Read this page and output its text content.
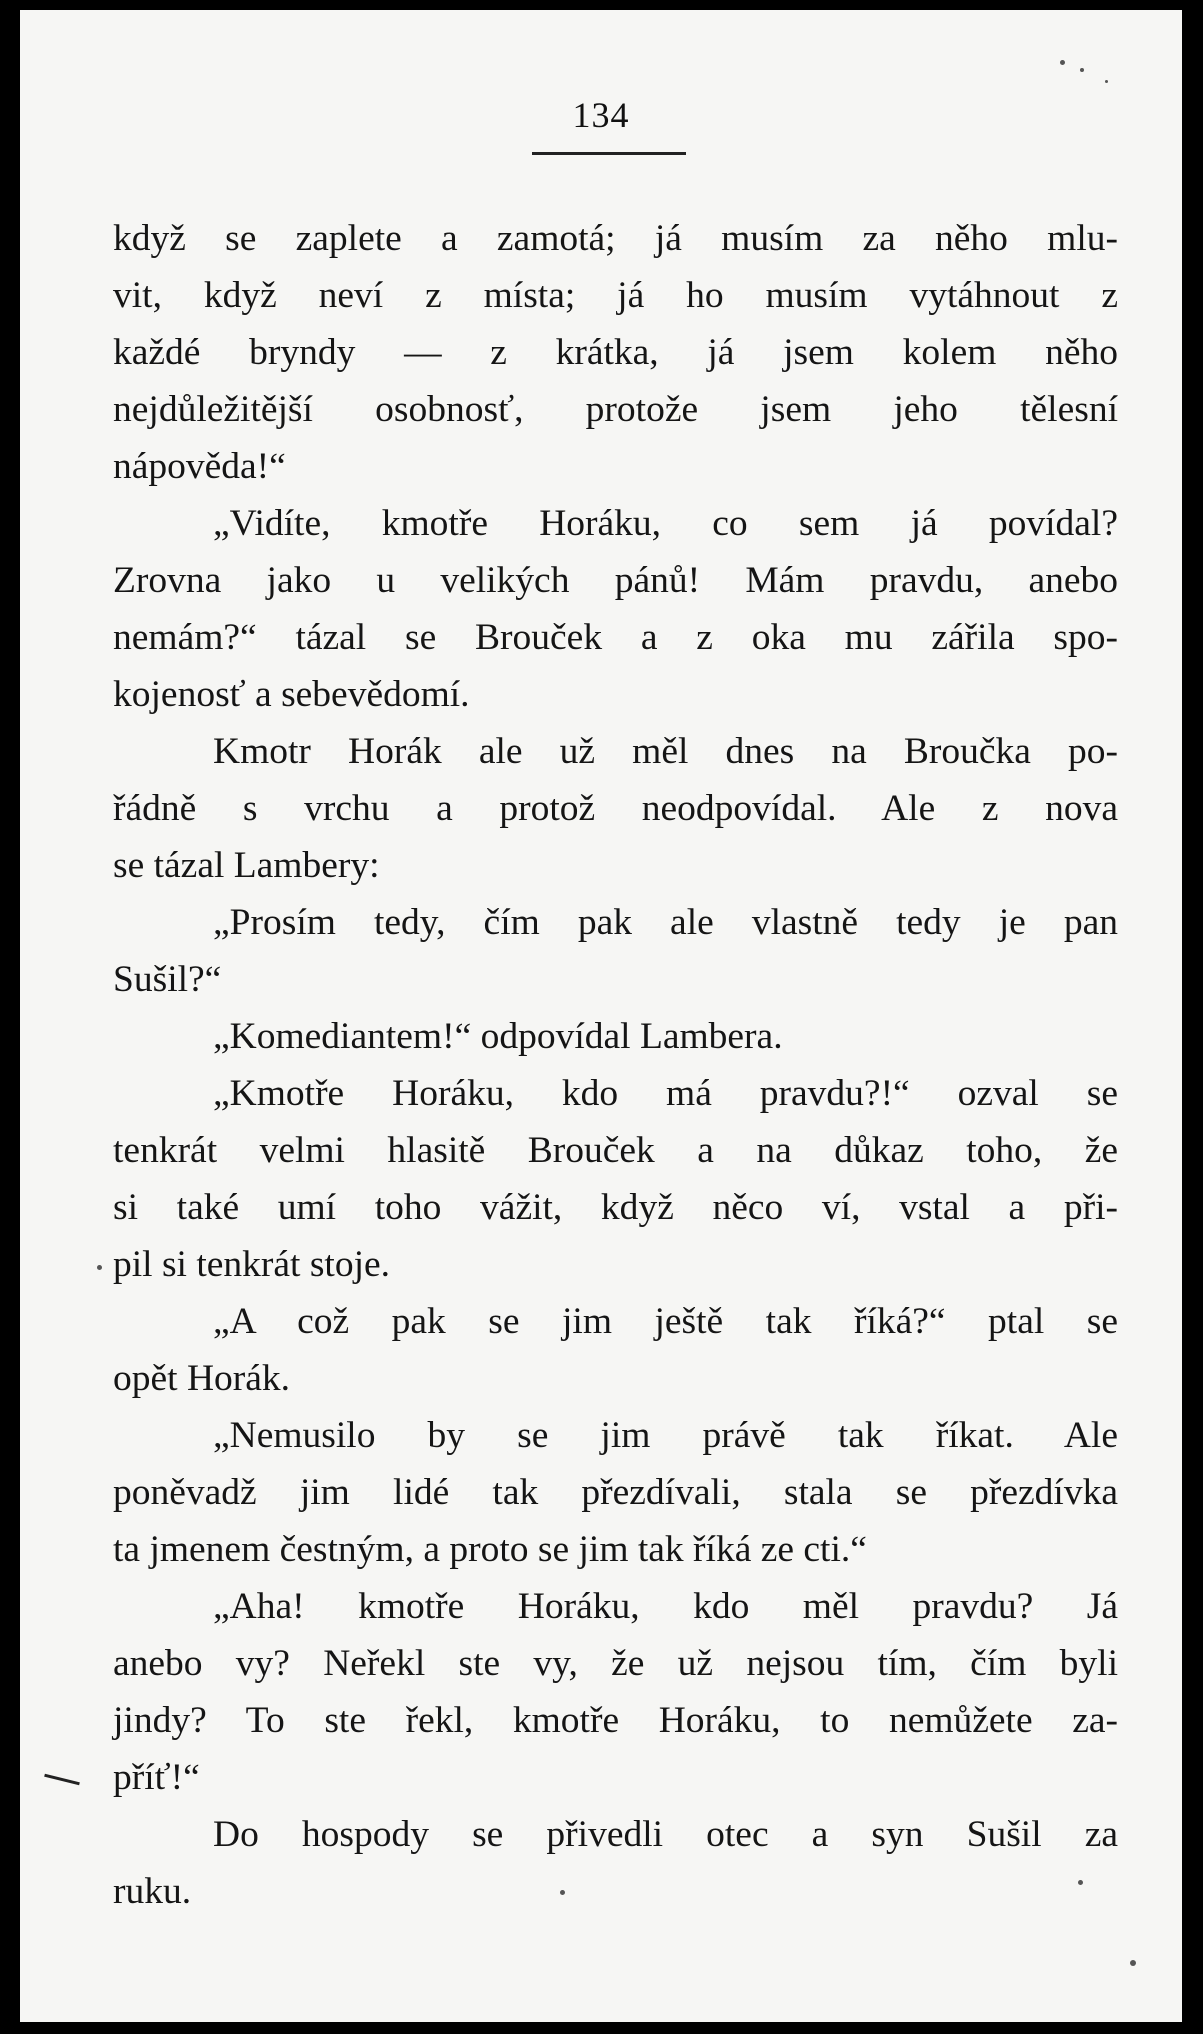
134
když se zaplete a zamotá; já musím za něho mlu-
vit, když neví z místa; já ho musím vytáhnout z
každé bryndy — z krátka, já jsem kolem něho
nejdůležitější osobnosť, protože jsem jeho tělesní
nápověda!“
„Vidíte, kmotře Horáku, co sem já povídal?
Zrovna jako u velikých pánů! Mám pravdu, anebo
nemám?“ tázal se Brouček a z oka mu zářila spo-
kojenosť a sebevědomí.
Kmotr Horák ale už měl dnes na Broučka po-
řádně s vrchu a protož neodpovídal. Ale z nova
se tázal Lambery:
„Prosím tedy, čím pak ale vlastně tedy je pan
Sušil?“
„Komediantem!“ odpovídal Lambera.
„Kmotře Horáku, kdo má pravdu?!“ ozval se
tenkrát velmi hlasitě Brouček a na důkaz toho, že
si také umí toho vážit, když něco ví, vstal a při-
pil si tenkrát stoje.
„A což pak se jim ještě tak říká?“ ptal se
opět Horák.
„Nemusilo by se jim právě tak říkat. Ale
poněvadž jim lidé tak přezdívali, stala se přezdívka
ta jmenem čestným, a proto se jim tak říká ze cti.“
„Aha! kmotře Horáku, kdo měl pravdu? Já
anebo vy? Neřekl ste vy, že už nejsou tím, čím byli
jindy? To ste řekl, kmotře Horáku, to nemůžete za-
příť!“
Do hospody se přivedli otec a syn Sušil za
ruku.
